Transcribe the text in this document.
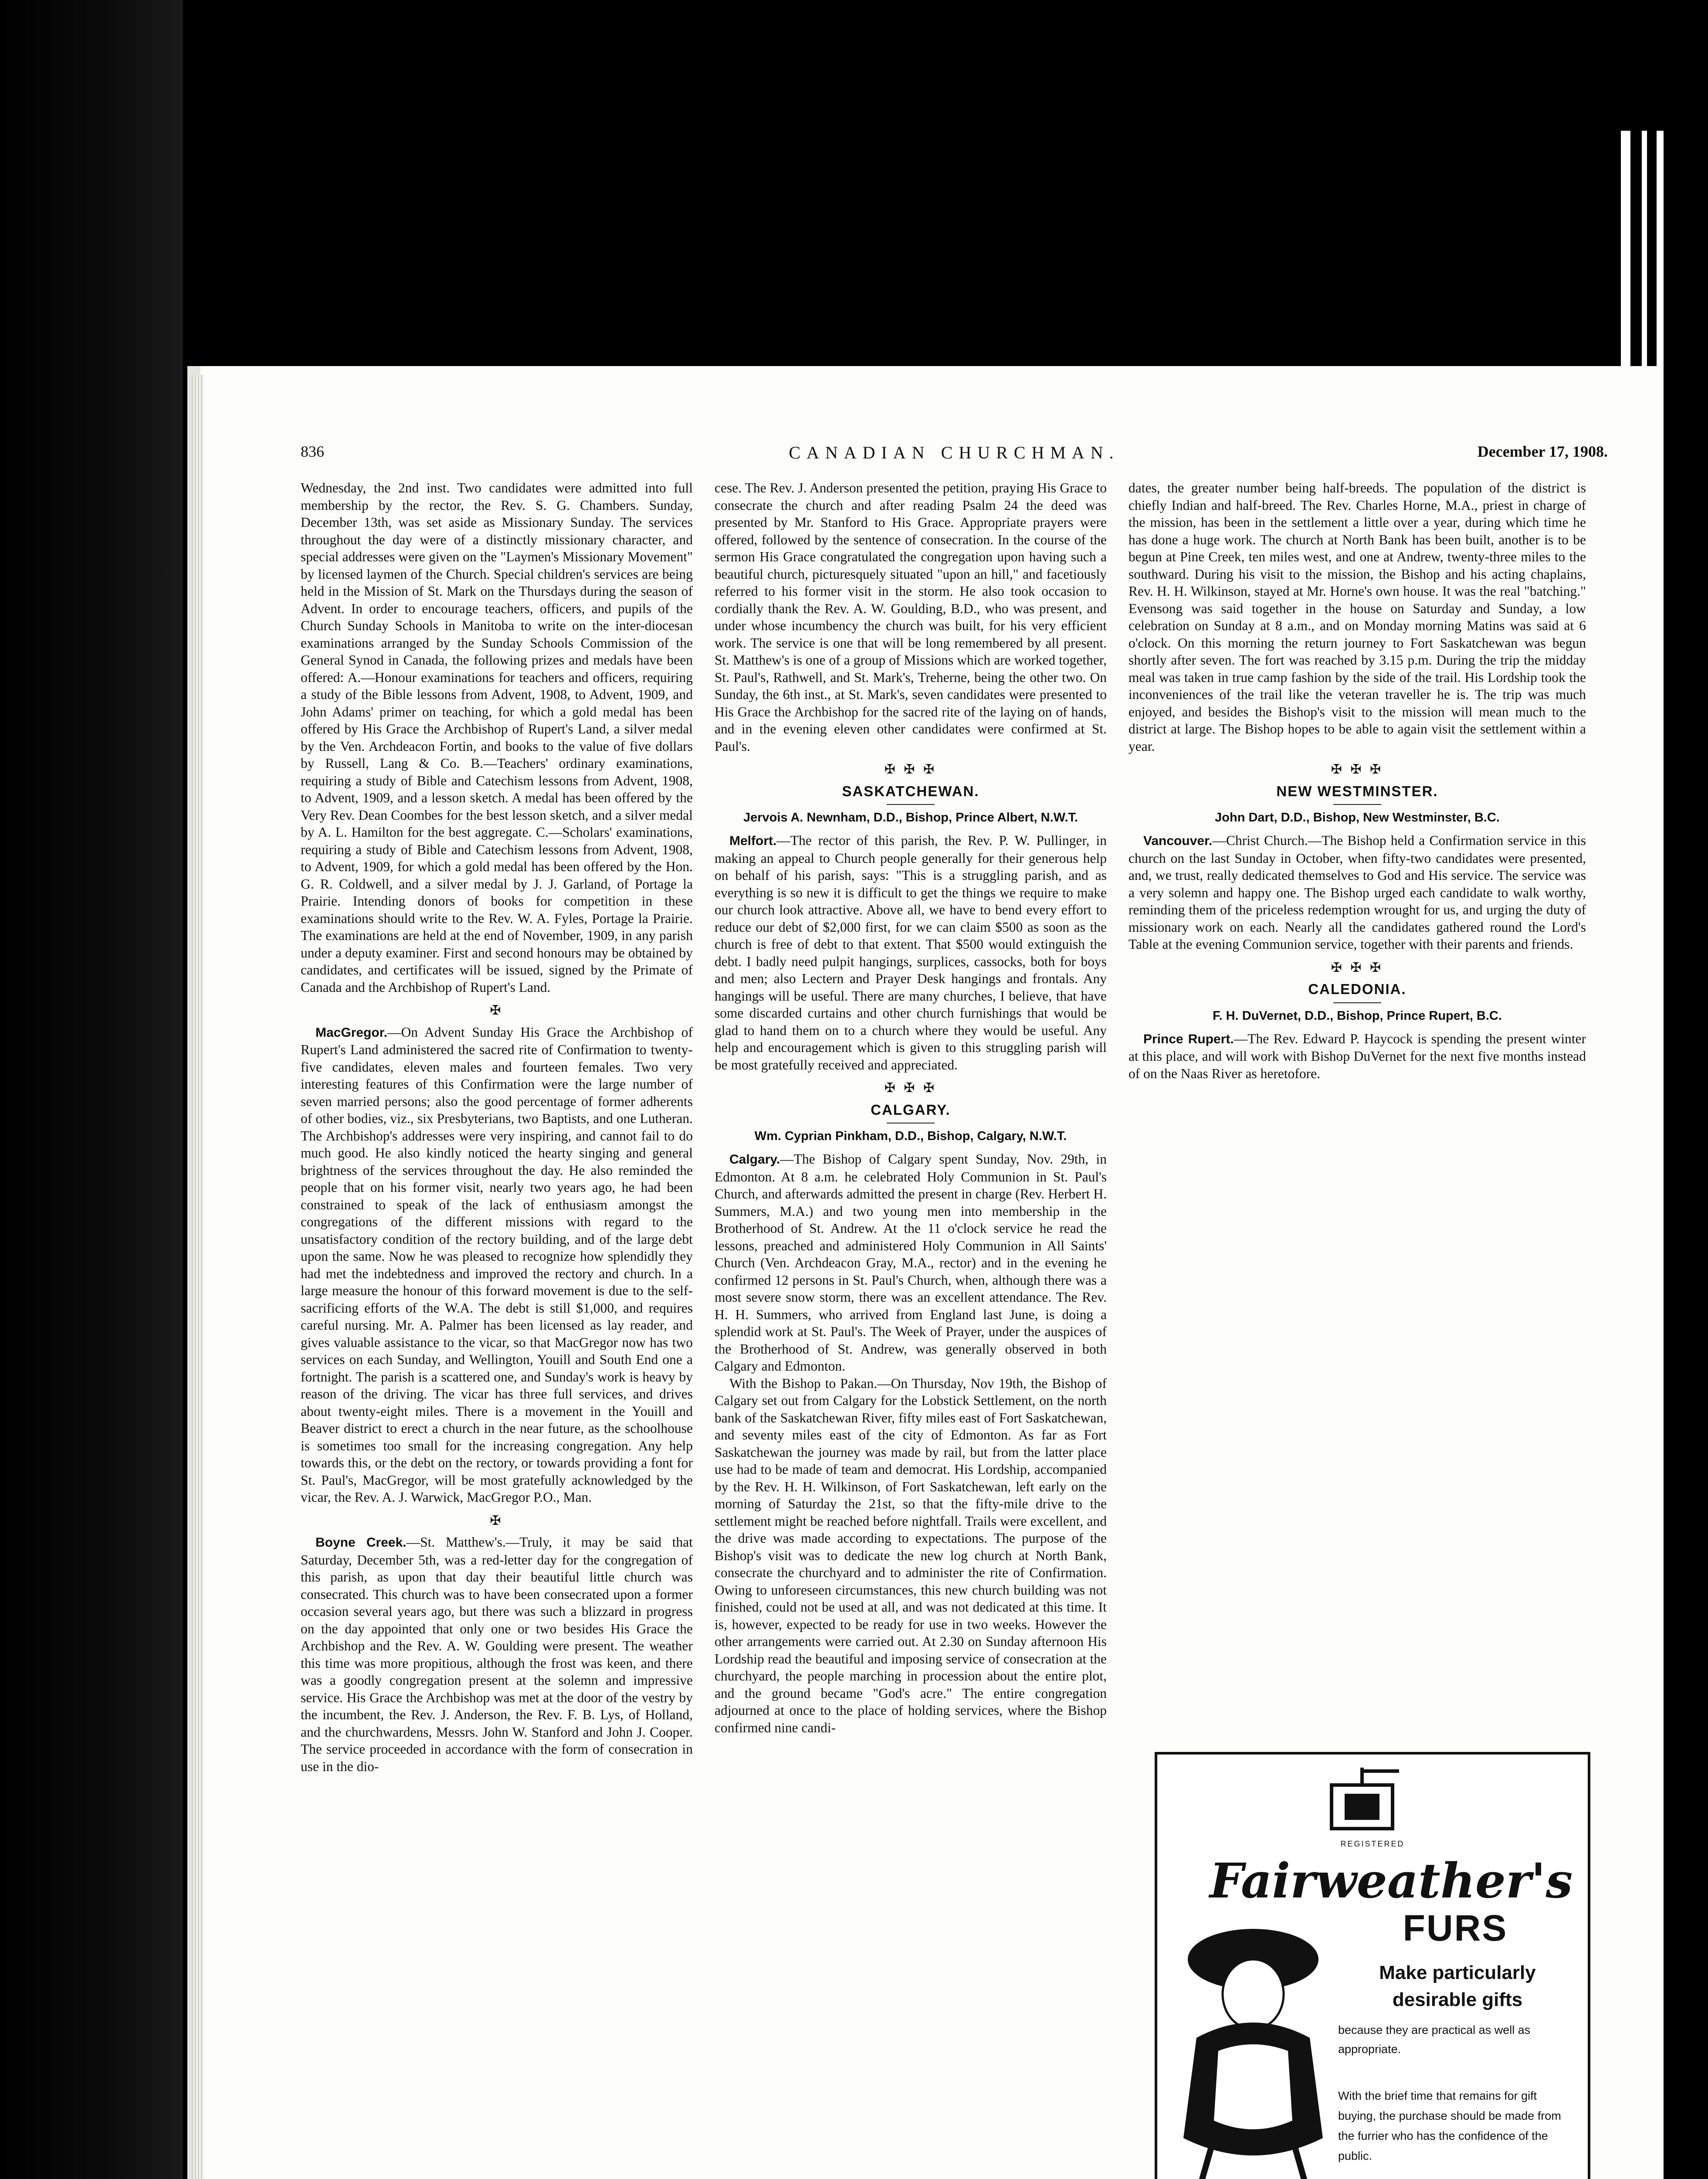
836	CANADIAN CHURCHMAN.	December 17, 1908.

Wednesday, the 2nd inst. Two candidates were admitted into full membership by the rector, the Rev. S. G. Chambers. Sunday, December 13th, was set aside as Missionary Sunday. The services throughout the day were of a distinctly missionary character, and special addresses were given on the "Laymen's Missionary Movement" by licensed laymen of the Church. Special children's services are being held in the Mission of St. Mark on the Thursdays during the season of Advent. In order to encourage teachers, officers, and pupils of the Church Sunday Schools in Manitoba to write on the inter-diocesan examinations arranged by the Sunday Schools Commission of the General Synod in Canada, the following prizes and medals have been offered: A.—Honour examinations for teachers and officers, requiring a study of the Bible lessons from Advent, 1908, to Advent, 1909, and John Adams' primer on teaching, for which a gold medal has been offered by His Grace the Archbishop of Rupert's Land, a silver medal by the Ven. Archdeacon Fortin, and books to the value of five dollars by Russell, Lang & Co. B.—Teachers' ordinary examinations, requiring a study of Bible and Catechism lessons from Advent, 1908, to Advent, 1909, and a lesson sketch. A medal has been offered by the Very Rev. Dean Coombes for the best lesson sketch, and a silver medal by A. L. Hamilton for the best aggregate. C.—Scholars' examinations, requiring a study of Bible and Catechism lessons from Advent, 1908, to Advent, 1909, for which a gold medal has been offered by the Hon. G. R. Coldwell, and a silver medal by J. J. Garland, of Portage la Prairie. Intending donors of books for competition in these examinations should write to the Rev. W. A. Fyles, Portage la Prairie. The examinations are held at the end of November, 1909, in any parish under a deputy examiner. First and second honours may be obtained by candidates, and certificates will be issued, signed by the Primate of Canada and the Archbishop of Rupert's Land.

✠

MacGregor.—On Advent Sunday His Grace the Archbishop of Rupert's Land administered the sacred rite of Confirmation to twenty-five candidates, eleven males and fourteen females. Two very interesting features of this Confirmation were the large number of seven married persons; also the good percentage of former adherents of other bodies, viz., six Presbyterians, two Baptists, and one Lutheran. The Archbishop's addresses were very inspiring, and cannot fail to do much good. He also kindly noticed the hearty singing and general brightness of the services throughout the day. He also reminded the people that on his former visit, nearly two years ago, he had been constrained to speak of the lack of enthusiasm amongst the congregations of the different missions with regard to the unsatisfactory condition of the rectory building, and of the large debt upon the same. Now he was pleased to recognize how splendidly they had met the indebtedness and improved the rectory and church. In a large measure the honour of this forward movement is due to the self-sacrificing efforts of the W.A. The debt is still $1,000, and requires careful nursing. Mr. A. Palmer has been licensed as lay reader, and gives valuable assistance to the vicar, so that MacGregor now has two services on each Sunday, and Wellington, Youill and South End one a fortnight. The parish is a scattered one, and Sunday's work is heavy by reason of the driving. The vicar has three full services, and drives about twenty-eight miles. There is a movement in the Youill and Beaver district to erect a church in the near future, as the schoolhouse is sometimes too small for the increasing congregation. Any help towards this, or the debt on the rectory, or towards providing a font for St. Paul's, MacGregor, will be most gratefully acknowledged by the vicar, the Rev. A. J. Warwick, MacGregor P.O., Man.

✠

Boyne Creek.—St. Matthew's.—Truly, it may be said that Saturday, December 5th, was a red-letter day for the congregation of this parish, as upon that day their beautiful little church was consecrated. This church was to have been consecrated upon a former occasion several years ago, but there was such a blizzard in progress on the day appointed that only one or two besides His Grace the Archbishop and the Rev. A. W. Goulding were present. The weather this time was more propitious, although the frost was keen, and there was a goodly congregation present at the solemn and impressive service. His Grace the Archbishop was met at the door of the vestry by the incumbent, the Rev. J. Anderson, the Rev. F. B. Lys, of Holland, and the churchwardens, Messrs. John W. Stanford and John J. Cooper. The service proceeded in accordance with the form of consecration in use in the dio-

cese. The Rev. J. Anderson presented the petition, praying His Grace to consecrate the church and after reading Psalm 24 the deed was presented by Mr. Stanford to His Grace. Appropriate prayers were offered, followed by the sentence of consecration. In the course of the sermon His Grace congratulated the congregation upon having such a beautiful church, picturesquely situated "upon an hill," and facetiously referred to his former visit in the storm. He also took occasion to cordially thank the Rev. A. W. Goulding, B.D., who was present, and under whose incumbency the church was built, for his very efficient work. The service is one that will be long remembered by all present. St. Matthew's is one of a group of Missions which are worked together, St. Paul's, Rathwell, and St. Mark's, Treherne, being the other two. On Sunday, the 6th inst., at St. Mark's, seven candidates were presented to His Grace the Archbishop for the sacred rite of the laying on of hands, and in the evening eleven other candidates were confirmed at St. Paul's.

✠ ✠ ✠
SASKATCHEWAN.
Jervois A. Newnham, D.D., Bishop, Prince Albert, N.W.T.

Melfort.—The rector of this parish, the Rev. P. W. Pullinger, in making an appeal to Church people generally for their generous help on behalf of his parish, says: "This is a struggling parish, and as everything is so new it is difficult to get the things we require to make our church look attractive. Above all, we have to bend every effort to reduce our debt of $2,000 first, for we can claim $500 as soon as the church is free of debt to that extent. That $500 would extinguish the debt. I badly need pulpit hangings, surplices, cassocks, both for boys and men; also Lectern and Prayer Desk hangings and frontals. Any hangings will be useful. There are many churches, I believe, that have some discarded curtains and other church furnishings that would be glad to hand them on to a church where they would be useful. Any help and encouragement which is given to this struggling parish will be most gratefully received and appreciated.

✠ ✠ ✠
CALGARY.
Wm. Cyprian Pinkham, D.D., Bishop, Calgary, N.W.T.

Calgary.—The Bishop of Calgary spent Sunday, Nov. 29th, in Edmonton. At 8 a.m. he celebrated Holy Communion in St. Paul's Church, and afterwards admitted the present in charge (Rev. Herbert H. Summers, M.A.) and two young men into membership in the Brotherhood of St. Andrew. At the 11 o'clock service he read the lessons, preached and administered Holy Communion in All Saints' Church (Ven. Archdeacon Gray, M.A., rector) and in the evening he confirmed 12 persons in St. Paul's Church, when, although there was a most severe snow storm, there was an excellent attendance. The Rev. H. H. Summers, who arrived from England last June, is doing a splendid work at St. Paul's. The Week of Prayer, under the auspices of the Brotherhood of St. Andrew, was generally observed in both Calgary and Edmonton.

With the Bishop to Pakan.—On Thursday, Nov 19th, the Bishop of Calgary set out from Calgary for the Lobstick Settlement, on the north bank of the Saskatchewan River, fifty miles east of Fort Saskatchewan, and seventy miles east of the city of Edmonton. As far as Fort Saskatchewan the journey was made by rail, but from the latter place use had to be made of team and democrat. His Lordship, accompanied by the Rev. H. H. Wilkinson, of Fort Saskatchewan, left early on the morning of Saturday the 21st, so that the fifty-mile drive to the settlement might be reached before nightfall. Trails were excellent, and the drive was made according to expectations. The purpose of the Bishop's visit was to dedicate the new log church at North Bank, consecrate the churchyard and to administer the rite of Confirmation. Owing to unforeseen circumstances, this new church building was not finished, could not be used at all, and was not dedicated at this time. It is, however, expected to be ready for use in two weeks. However the other arrangements were carried out. At 2.30 on Sunday afternoon His Lordship read the beautiful and imposing service of consecration at the churchyard, the people marching in procession about the entire plot, and the ground became "God's acre." The entire congregation adjourned at once to the place of holding services, where the Bishop confirmed nine candi-

dates, the greater number being half-breeds. The population of the district is chiefly Indian and half-breed. The Rev. Charles Horne, M.A., priest in charge of the mission, has been in the settlement a little over a year, during which time he has done a huge work. The church at North Bank has been built, another is to be begun at Pine Creek, ten miles west, and one at Andrew, twenty-three miles to the southward. During his visit to the mission, the Bishop and his acting chaplains, Rev. H. H. Wilkinson, stayed at Mr. Horne's own house. It was the real "batching." Evensong was said together in the house on Saturday and Sunday, a low celebration on Sunday at 8 a.m., and on Monday morning Matins was said at 6 o'clock. On this morning the return journey to Fort Saskatchewan was begun shortly after seven. The fort was reached by 3.15 p.m. During the trip the midday meal was taken in true camp fashion by the side of the trail. His Lordship took the inconveniences of the trail like the veteran traveller he is. The trip was much enjoyed, and besides the Bishop's visit to the mission will mean much to the district at large. The Bishop hopes to be able to again visit the settlement within a year.

✠ ✠ ✠
NEW WESTMINSTER.
John Dart, D.D., Bishop, New Westminster, B.C.

Vancouver.—Christ Church.—The Bishop held a Confirmation service in this church on the last Sunday in October, when fifty-two candidates were presented, and, we trust, really dedicated themselves to God and His service. The service was a very solemn and happy one. The Bishop urged each candidate to walk worthy, reminding them of the priceless redemption wrought for us, and urging the duty of missionary work on each. Nearly all the candidates gathered round the Lord's Table at the evening Communion service, together with their parents and friends.

✠ ✠ ✠
CALEDONIA.
F. H. DuVernet, D.D., Bishop, Prince Rupert, B.C.

Prince Rupert.—The Rev. Edward P. Haycock is spending the present winter at this place, and will work with Bishop DuVernet for the next five months instead of on the Naas River as heretofore.

REGISTERED
Fairweather's
FURS
Make particularly
desirable gifts
because they are practical as well as appropriate.
With the brief time that remains for gift buying, the purchase should be made from the furrier who has the confidence of the public.
